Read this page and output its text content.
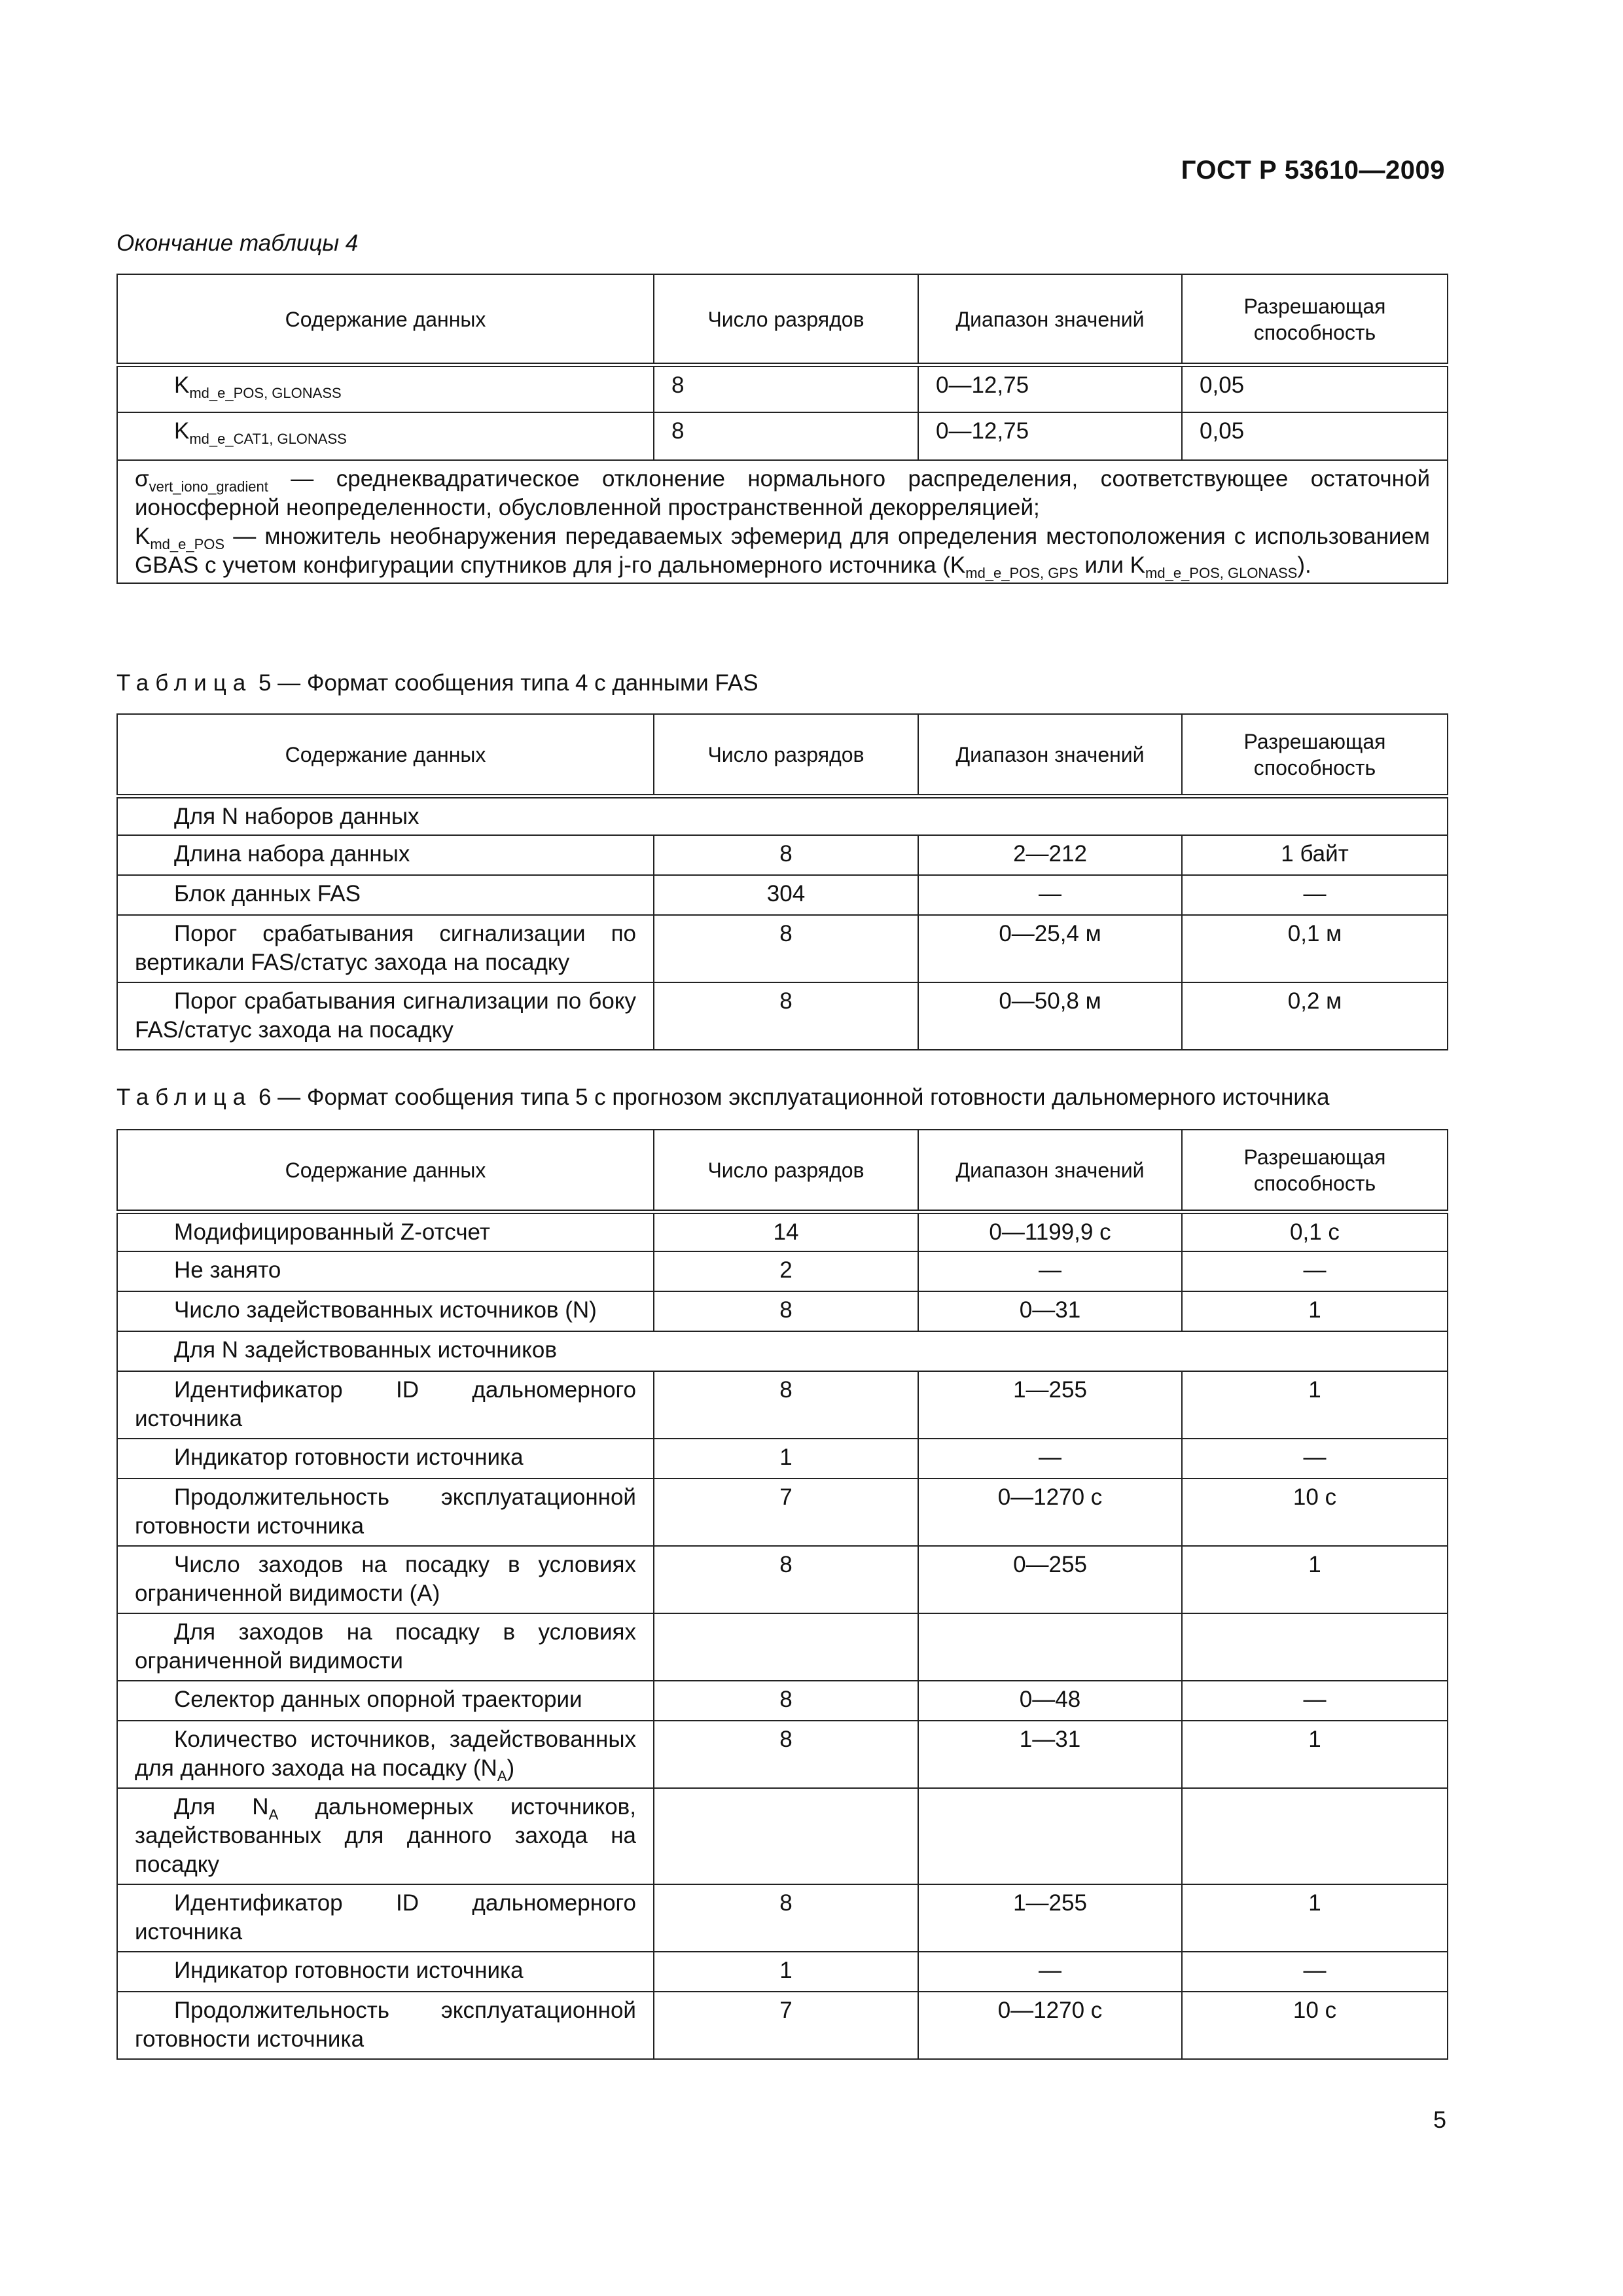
ГОСТ Р 53610—2009
Окончание таблицы 4
Содержание данных	Число разрядов	Диапазон значений	Разрешающая способность
$K_{md\_e\_POS, GLONASS}$	8	0—12,75	0,05
$K_{md\_e\_CAT1, GLONASS}$	8	0—12,75	0,05

$\sigma_{vert\_iono\_gradient}$ — среднеквадратическое отклонение нормального распределения, соответствующее остаточной ионосферной неопределенности, обусловленной пространственной декорреляцией;
$K_{md\_e\_POS}$ — множитель необнаружения передаваемых эфемерид для определения местоположения с использованием GBAS с учетом конфигурации спутников для j-го дальномерного источника ($K_{md\_e\_POS, GPS}$ или $K_{md\_e\_POS, GLONASS}$).			
Таблица 5 — Формат сообщения типа 4 с данными FAS
Содержание данных	Число разрядов	Диапазон значений	Разрешающая способность
Для N наборов данных			
Длина набора данных	8	2—212	1 байт
Блок данных FAS	304	—	—
Порог срабатывания сигнализации по вертикали FAS/статус захода на посадку	8	0—25,4 м	0,1 м
Порог срабатывания сигнализации по боку FAS/статус захода на посадку	8	0—50,8 м	0,2 м
Таблица 6 — Формат сообщения типа 5 с прогнозом эксплуатационной готовности дальномерного источника
Содержание данных	Число разрядов	Диапазон значений	Разрешающая способность
Модифицированный Z-отсчет	14	0—1199,9 с	0,1 с
Не занято	2	—	—
Число задействованных источников (N)	8	0—31	1
Для N задействованных источников			
Идентификатор ID дальномерного источника	8	1—255	1
Индикатор готовности источника	1	—	—
Продолжительность эксплуатационной готовности источника	7	0—1270 с	10 с
Число заходов на посадку в условиях ограниченной видимости (A)	8	0—255	1
Для заходов на посадку в условиях ограниченной видимости			
Селектор данных опорной траектории	8	0—48	—
Количество источников, задействованных для данного захода на посадку $(N_A)$	8	1—31	1
Для $N_A$ дальномерных источников, задействованных для данного захода на посадку			
Идентификатор ID дальномерного источника	8	1—255	1
Индикатор готовности источника	1	—	—
Продолжительность эксплуатационной готовности источника	7	0—1270 с	10 с
5
